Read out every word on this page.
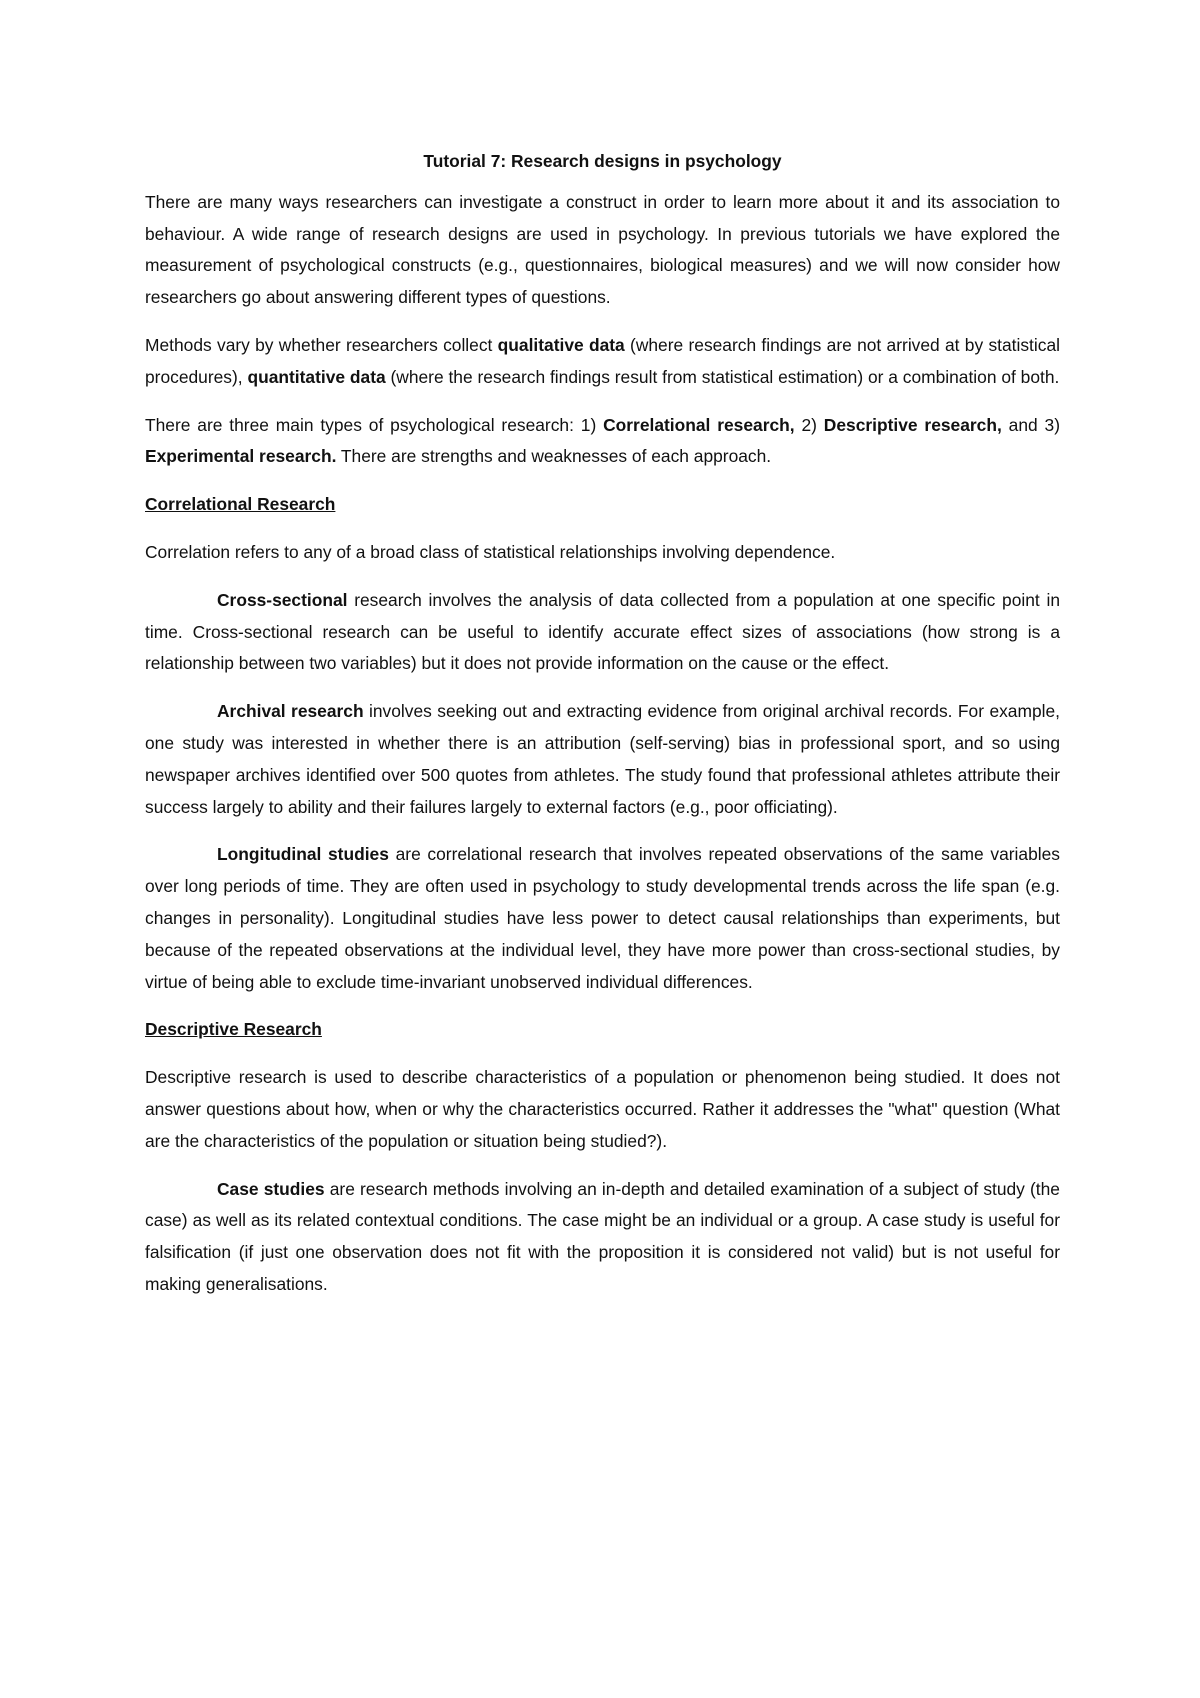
Tutorial 7: Research designs in psychology

There are many ways researchers can investigate a construct in order to learn more about it and its association to behaviour. A wide range of research designs are used in psychology. In previous tutorials we have explored the measurement of psychological constructs (e.g., questionnaires, biological measures) and we will now consider how researchers go about answering different types of questions.

Methods vary by whether researchers collect qualitative data (where research findings are not arrived at by statistical procedures), quantitative data (where the research findings result from statistical estimation) or a combination of both.

There are three main types of psychological research: 1) Correlational research, 2) Descriptive research, and 3) Experimental research. There are strengths and weaknesses of each approach.

Correlational Research

Correlation refers to any of a broad class of statistical relationships involving dependence.

Cross-sectional research involves the analysis of data collected from a population at one specific point in time. Cross-sectional research can be useful to identify accurate effect sizes of associations (how strong is a relationship between two variables) but it does not provide information on the cause or the effect.

Archival research involves seeking out and extracting evidence from original archival records. For example, one study was interested in whether there is an attribution (self-serving) bias in professional sport, and so using newspaper archives identified over 500 quotes from athletes. The study found that professional athletes attribute their success largely to ability and their failures largely to external factors (e.g., poor officiating).

Longitudinal studies are correlational research that involves repeated observations of the same variables over long periods of time. They are often used in psychology to study developmental trends across the life span (e.g. changes in personality). Longitudinal studies have less power to detect causal relationships than experiments, but because of the repeated observations at the individual level, they have more power than cross-sectional studies, by virtue of being able to exclude time-invariant unobserved individual differences.

Descriptive Research

Descriptive research is used to describe characteristics of a population or phenomenon being studied. It does not answer questions about how, when or why the characteristics occurred. Rather it addresses the "what" question (What are the characteristics of the population or situation being studied?).

Case studies are research methods involving an in-depth and detailed examination of a subject of study (the case) as well as its related contextual conditions. The case might be an individual or a group. A case study is useful for falsification (if just one observation does not fit with the proposition it is considered not valid) but is not useful for making generalisations.
